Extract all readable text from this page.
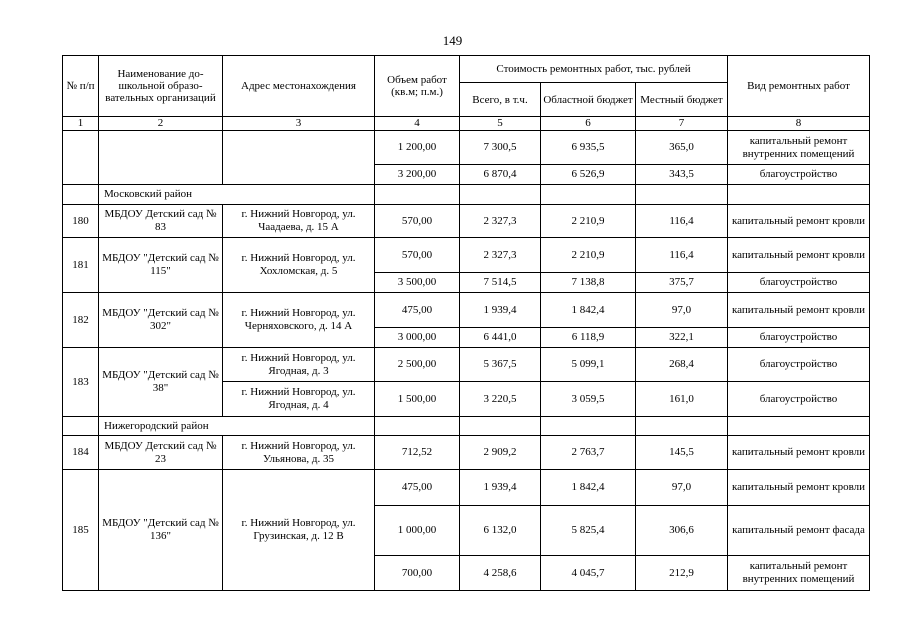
149
№ п/п	Наименование дошкольной образовательных организаций	Адрес местонахождения	Объем работ (кв.м; п.м.)	Стоимость ремонтных работ, тыс. рублей			Вид ремонтных работ
				Всего, в т.ч.	Областной бюджет	Местный бюджет	
1	2	3	4	5	6	7	8
			1 200,00	7 300,5	6 935,5	365,0	капитальный ремонт внутренних помещений
			3 200,00	6 870,4	6 526,9	343,5	благоустройство
	Московский район						
180	МБДОУ Детский сад № 83	г. Нижний Новгород, ул. Чаадаева, д. 15 А	570,00	2 327,3	2 210,9	116,4	капитальный ремонт кровли
181	МБДОУ "Детский сад № 115"	г. Нижний Новгород, ул. Хохломская, д. 5	570,00	2 327,3	2 210,9	116,4	капитальный ремонт кровли
			3 500,00	7 514,5	7 138,8	375,7	благоустройство
182	МБДОУ "Детский сад № 302"	г. Нижний Новгород, ул. Черняховского, д. 14 А	475,00	1 939,4	1 842,4	97,0	капитальный ремонт кровли
			3 000,00	6 441,0	6 118,9	322,1	благоустройство
183	МБДОУ "Детский сад № 38"	г. Нижний Новгород, ул. Ягодная, д. 3	2 500,00	5 367,5	5 099,1	268,4	благоустройство
		г. Нижний Новгород, ул. Ягодная, д. 4	1 500,00	3 220,5	3 059,5	161,0	благоустройство
	Нижегородский район						
184	МБДОУ Детский сад № 23	г. Нижний Новгород, ул. Ульянова, д. 35	712,52	2 909,2	2 763,7	145,5	капитальный ремонт кровли
185	МБДОУ "Детский сад № 136"	г. Нижний Новгород, ул. Грузинская, д. 12 В	475,00	1 939,4	1 842,4	97,0	капитальный ремонт кровли
			1 000,00	6 132,0	5 825,4	306,6	капитальный ремонт фасада
			700,00	4 258,6	4 045,7	212,9	капитальный ремонт внутренних помещений
